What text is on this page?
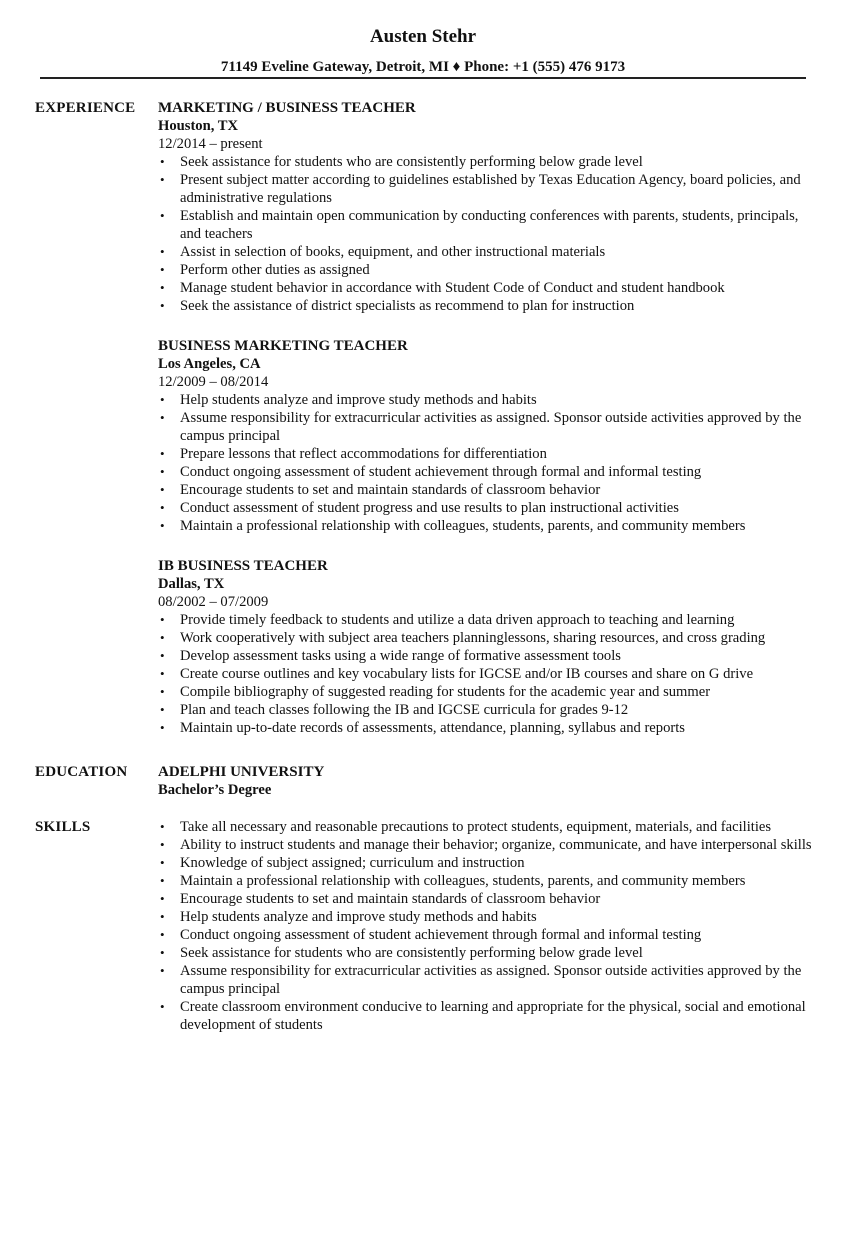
Austen Stehr
71149 Eveline Gateway, Detroit, MI ♦ Phone: +1 (555) 476 9173
EXPERIENCE MARKETING / BUSINESS TEACHER
Houston, TX
12/2014 – present
• Seek assistance for students who are consistently performing below grade level
• Present subject matter according to guidelines established by Texas Education Agency, board policies, and administrative regulations
• Establish and maintain open communication by conducting conferences with parents, students, principals, and teachers
• Assist in selection of books, equipment, and other instructional materials
• Perform other duties as assigned
• Manage student behavior in accordance with Student Code of Conduct and student handbook
• Seek the assistance of district specialists as recommend to plan for instruction
BUSINESS MARKETING TEACHER
Los Angeles, CA
12/2009 – 08/2014
• Help students analyze and improve study methods and habits
• Assume responsibility for extracurricular activities as assigned. Sponsor outside activities approved by the campus principal
• Prepare lessons that reflect accommodations for differentiation
• Conduct ongoing assessment of student achievement through formal and informal testing
• Encourage students to set and maintain standards of classroom behavior
• Conduct assessment of student progress and use results to plan instructional activities
• Maintain a professional relationship with colleagues, students, parents, and community members
IB BUSINESS TEACHER
Dallas, TX
08/2002 – 07/2009
• Provide timely feedback to students and utilize a data driven approach to teaching and learning
• Work cooperatively with subject area teachers planninglessons, sharing resources, and cross grading
• Develop assessment tasks using a wide range of formative assessment tools
• Create course outlines and key vocabulary lists for IGCSE and/or IB courses and share on G drive
• Compile bibliography of suggested reading for students for the academic year and summer
• Plan and teach classes following the IB and IGCSE curricula for grades 9-12
• Maintain up-to-date records of assessments, attendance, planning, syllabus and reports
EDUCATION ADELPHI UNIVERSITY
Bachelor’s Degree
SKILLS
•	Take all necessary and reasonable precautions to protect students, equipment, materials, and facilities
• Ability to instruct students and manage their behavior; organize, communicate, and have interpersonal skills
• Knowledge of subject assigned; curriculum and instruction
• Maintain a professional relationship with colleagues, students, parents, and community members
• Encourage students to set and maintain standards of classroom behavior
• Help students analyze and improve study methods and habits
• Conduct ongoing assessment of student achievement through formal and informal testing
• Seek assistance for students who are consistently performing below grade level
• Assume responsibility for extracurricular activities as assigned. Sponsor outside activities approved by the campus principal
• Create classroom environment conducive to learning and appropriate for the physical, social and emotional development of students
